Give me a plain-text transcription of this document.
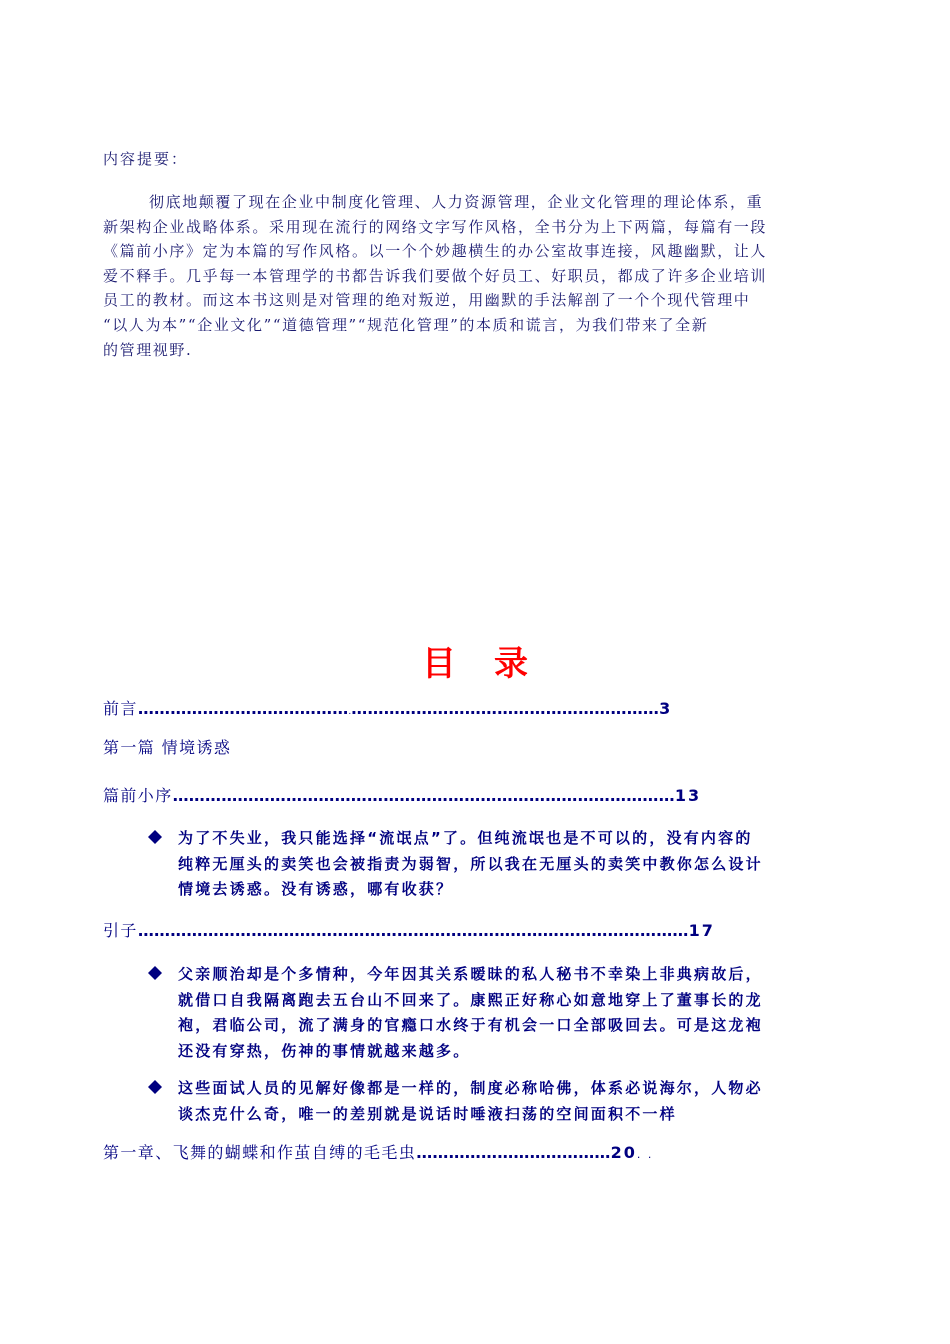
内容提要：
彻底地颠覆了现在企业中制度化管理、人力资源管理，企业文化管理的理论体系，重
新架构企业战略体系。采用现在流行的网络文字写作风格，全书分为上下两篇，每篇有一段
《篇前小序》定为本篇的写作风格。以一个个妙趣横生的办公室故事连接，风趣幽默，让人
爱不释手。几乎每一本管理学的书都告诉我们要做个好员工、好职员，都成了许多企业培训
员工的教材。而这本书这则是对管理的绝对叛逆，用幽默的手法解剖了一个个现代管理中
“以人为本”“企业文化”“道德管理”“规范化管理”的本质和谎言，为我们带来了全新
的管理视野.
目录
前言………………………………….…………………………………………………3
第一篇 情境诱惑
篇前小序…………………………………………………………………………………13
为了不失业，我只能选择“流氓点”了。但纯流氓也是不可以的，没有内容的
纯粹无厘头的卖笑也会被指责为弱智，所以我在无厘头的卖笑中教你怎么设计
情境去诱惑。没有诱惑，哪有收获？
引子…………………………………………………………………………………………17
父亲顺治却是个多情种，今年因其关系暧昧的私人秘书不幸染上非典病故后，
就借口自我隔离跑去五台山不回来了。康熙正好称心如意地穿上了董事长的龙
袍，君临公司，流了满身的官瘾口水终于有机会一口全部吸回去。可是这龙袍
还没有穿热，伤神的事情就越来越多。
这些面试人员的见解好像都是一样的，制度必称哈佛，体系必说海尔，人物必
谈杰克什么奇，唯一的差别就是说话时唾液扫荡的空间面积不一样
第一章、飞舞的蝴蝶和作茧自缚的毛毛虫………………………………20. .
